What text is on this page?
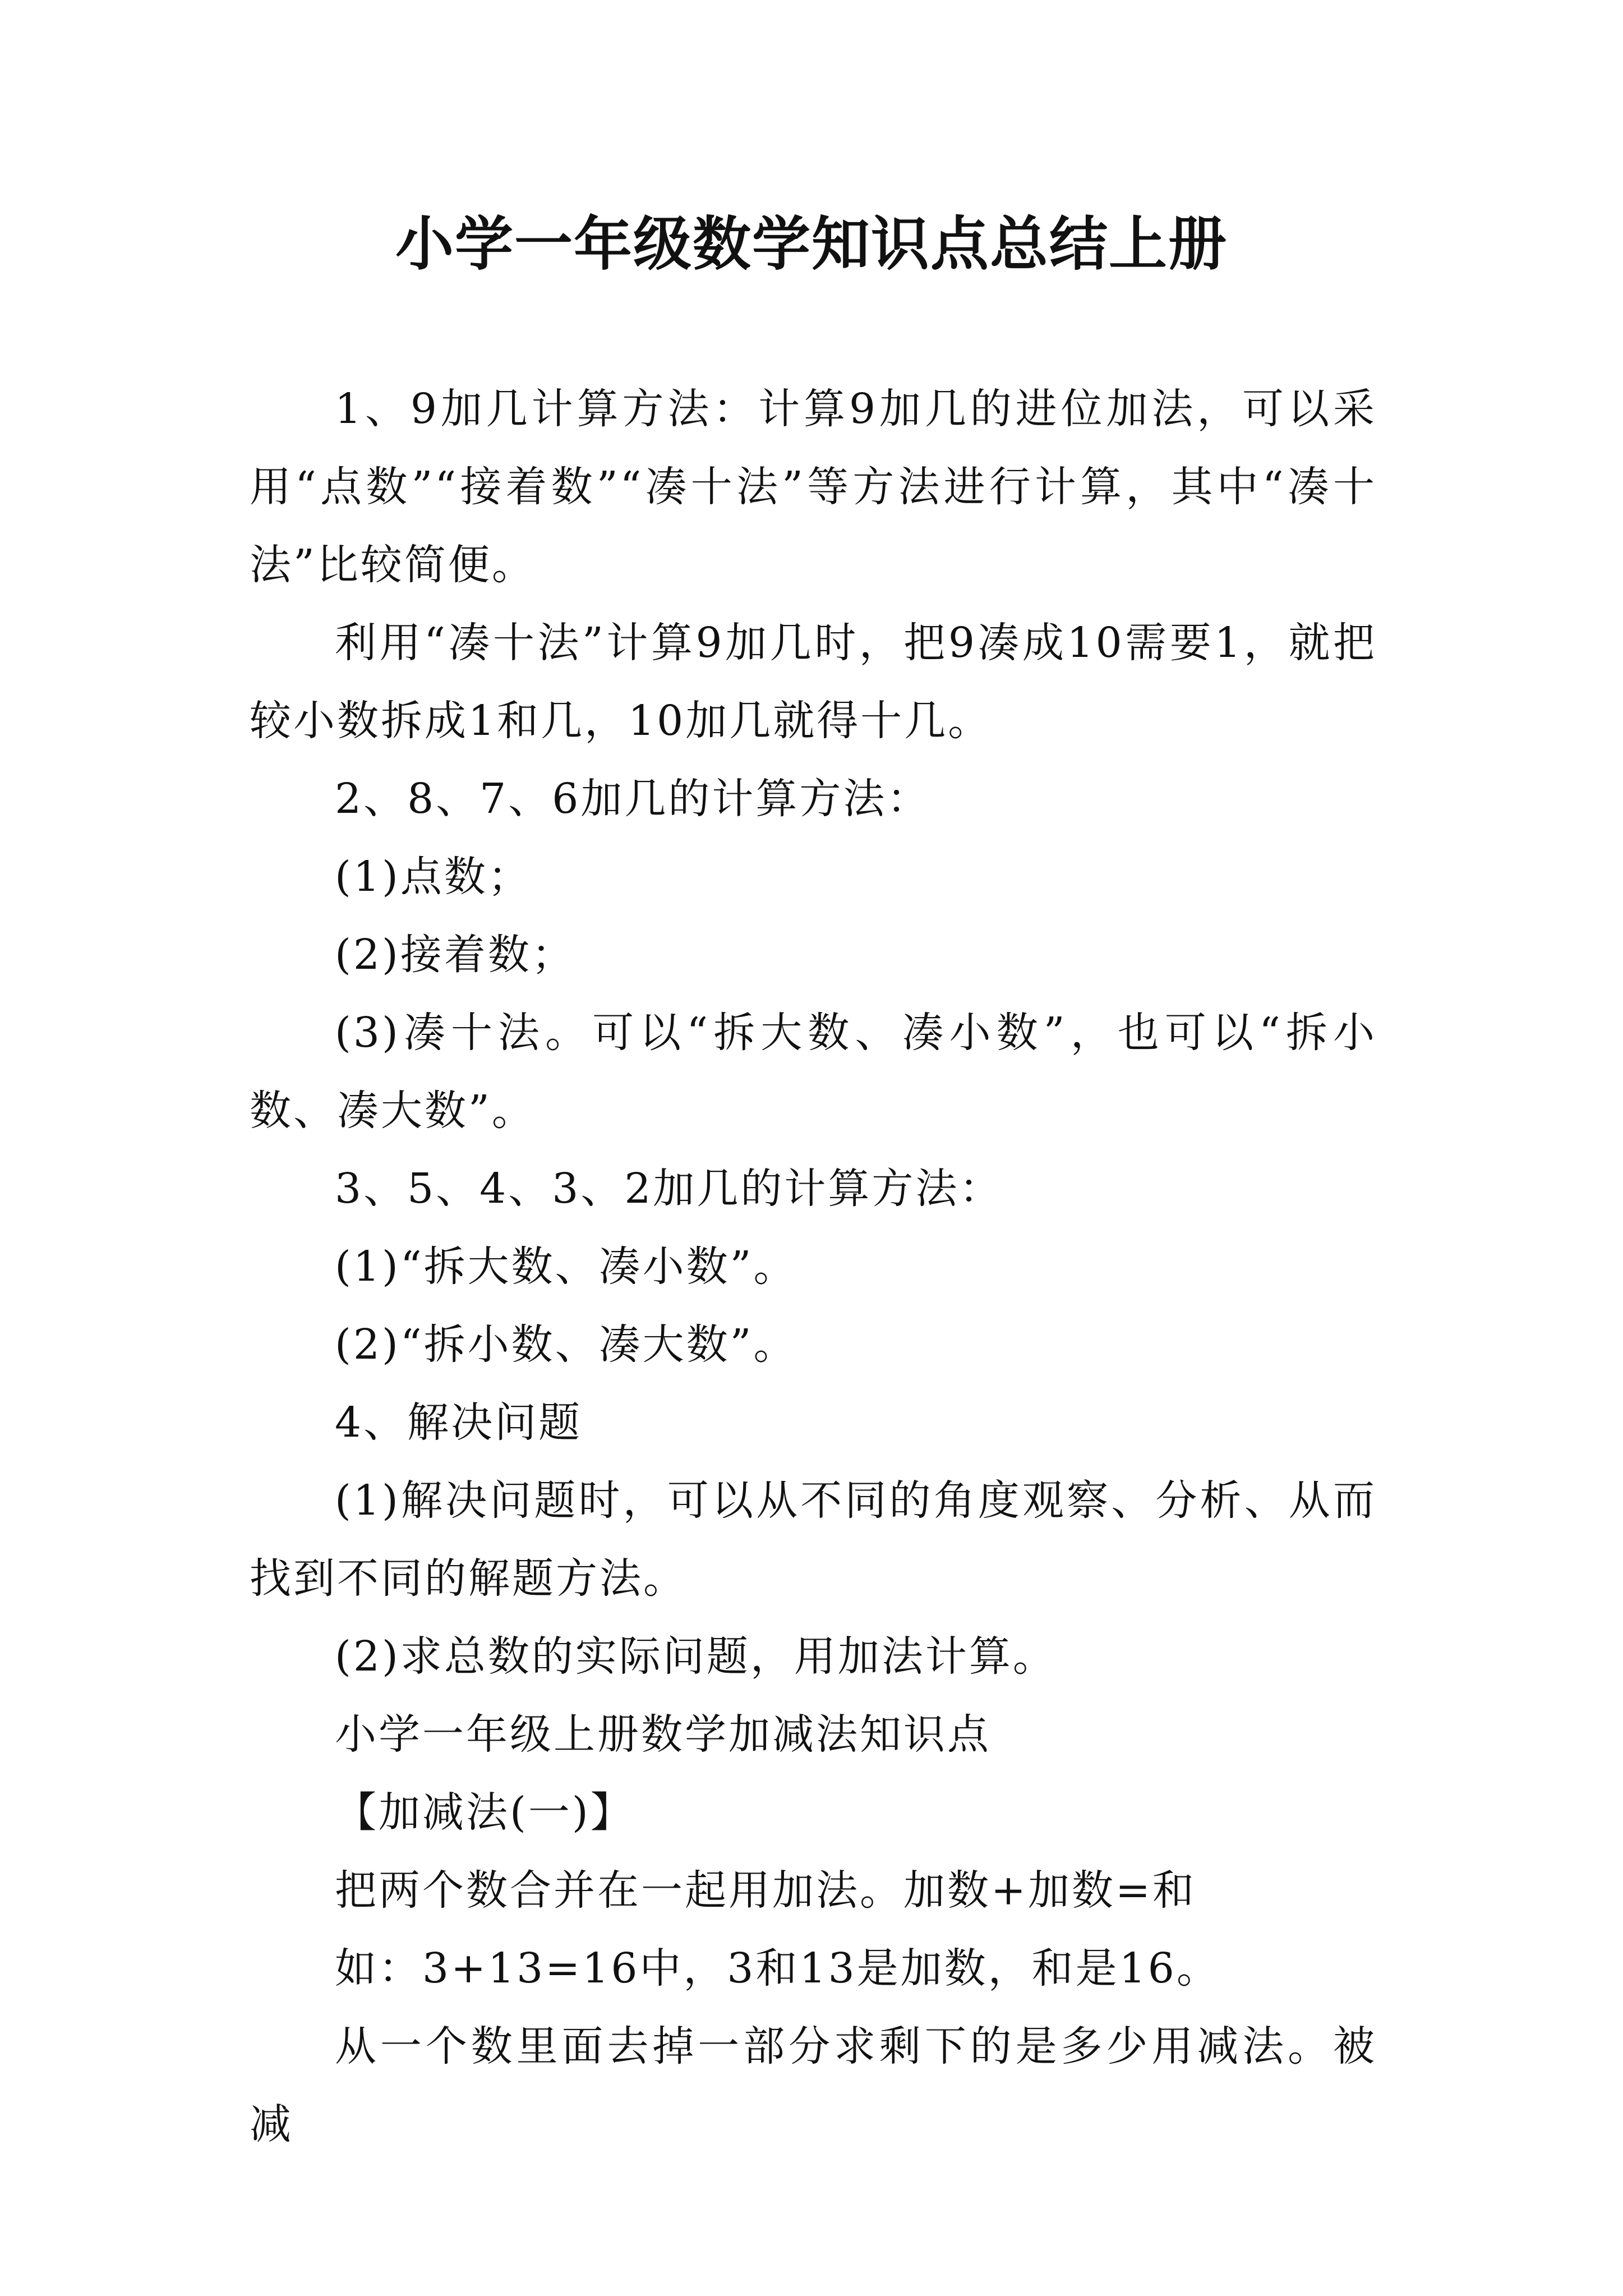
小学一年级数学知识点总结上册

1、9加几计算方法：计算9加几的进位加法，可以采用“点数”“接着数”“凑十法”等方法进行计算，其中“凑十法”比较简便。

利用“凑十法”计算9加几时，把9凑成10需要1，就把较小数拆成1和几，10加几就得十几。

2、8、7、6加几的计算方法：

(1)点数；

(2)接着数；

(3)凑十法。可以“拆大数、凑小数”，也可以“拆小数、凑大数”。

3、5、4、3、2加几的计算方法：

(1)“拆大数、凑小数”。

(2)“拆小数、凑大数”。

4、解决问题

(1)解决问题时，可以从不同的角度观察、分析、从而找到不同的解题方法。

(2)求总数的实际问题，用加法计算。

小学一年级上册数学加减法知识点

【加减法(一)】

把两个数合并在一起用加法。加数+加数=和

如：3+13=16中，3和13是加数，和是16。

从一个数里面去掉一部分求剩下的是多少用减法。被减
